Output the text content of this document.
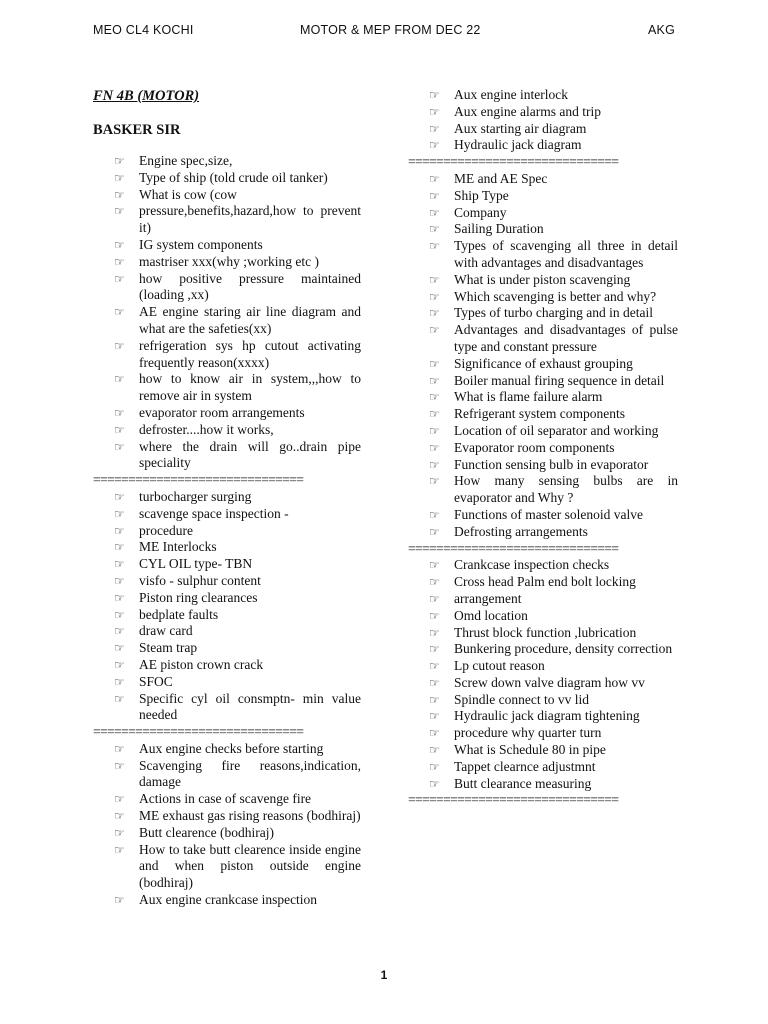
MEO CL4 KOCHI	MOTOR & MEP FROM DEC 22	AKG
FN 4B (MOTOR)
BASKER SIR
☞ Engine spec,size,
☞ Type of ship (told crude oil tanker)
☞ What is cow (cow
☞ pressure,benefits,hazard,how to prevent it)
☞ IG system components
☞ mastriser xxx(why ;working etc )
☞ how positive pressure maintained (loading ,xx)
☞ AE engine staring air line diagram and what are the safeties(xx)
☞ refrigeration sys hp cutout activating frequently reason(xxxx)
☞ how to know air in system,,,how to remove air in system
☞ evaporator room arrangements
☞ defroster....how it works,
☞ where the drain will go..drain pipe speciality
==============================
☞ turbocharger surging
☞ scavenge space inspection -
☞ procedure
☞ ME Interlocks
☞ CYL OIL type- TBN
☞ visfo - sulphur content
☞ Piston ring clearances
☞ bedplate faults
☞ draw card
☞ Steam trap
☞ AE piston crown crack
☞ SFOC
☞ Specific cyl oil consmptn- min value needed
==============================
☞ Aux engine checks before starting
☞ Scavenging fire reasons,indication, damage
☞ Actions in case of scavenge fire
☞ ME exhaust gas rising reasons (bodhiraj)
☞ Butt clearence (bodhiraj)
☞ How to take butt clearence inside engine and when piston outside engine (bodhiraj)
☞ Aux engine crankcase inspection
☞ Aux engine interlock
☞ Aux engine alarms and trip
☞ Aux starting air diagram
☞ Hydraulic jack diagram
==============================
☞ ME and AE Spec
☞ Ship Type
☞ Company
☞ Sailing Duration
☞ Types of scavenging all three in detail with advantages and disadvantages
☞ What is under piston scavenging
☞ Which scavenging is better and why?
☞ Types of turbo charging and in detail
☞ Advantages and disadvantages of pulse type and constant pressure
☞ Significance of exhaust grouping
☞ Boiler manual firing sequence in detail
☞ What is flame failure alarm
☞ Refrigerant system components
☞ Location of oil separator and working
☞ Evaporator room components
☞ Function sensing bulb in evaporator
☞ How many sensing bulbs are in evaporator and Why ?
☞ Functions of master solenoid valve
☞ Defrosting arrangements
==============================
☞ Crankcase inspection checks
☞ Cross head Palm end bolt locking
☞ arrangement
☞ Omd location
☞ Thrust block function ,lubrication
☞ Bunkering procedure, density correction
☞ Lp cutout reason
☞ Screw down valve diagram how vv
☞ Spindle connect to vv lid
☞ Hydraulic jack diagram tightening
☞ procedure why quarter turn
☞ What is Schedule 80 in pipe
☞ Tappet clearnce adjustmnt
☞ Butt clearance measuring
==============================
1
